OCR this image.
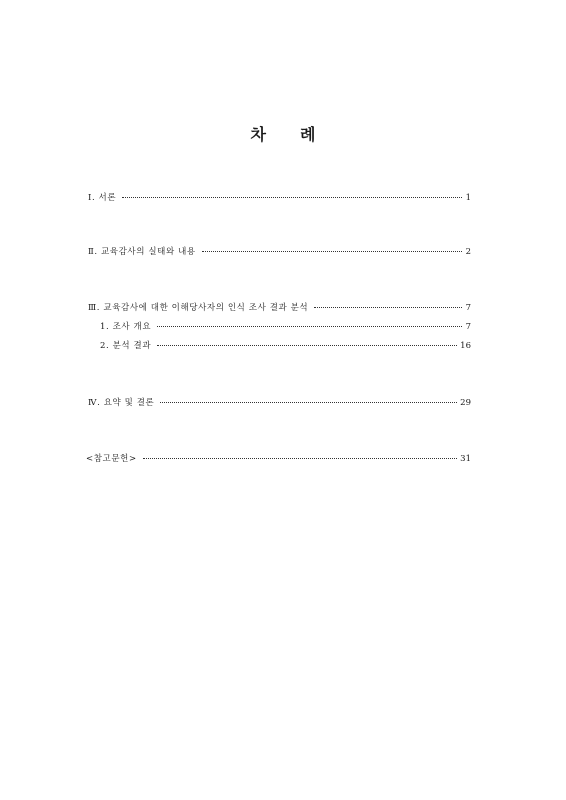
차 례
Ⅰ. 서론	1
Ⅱ. 교육감사의 실태와 내용	2
Ⅲ. 교육감사에 대한 이해당사자의 인식 조사 결과 분석	7
1. 조사 개요	7
2. 분석 결과	16
Ⅳ. 요약 및 결론	29
<참고문헌>	31
